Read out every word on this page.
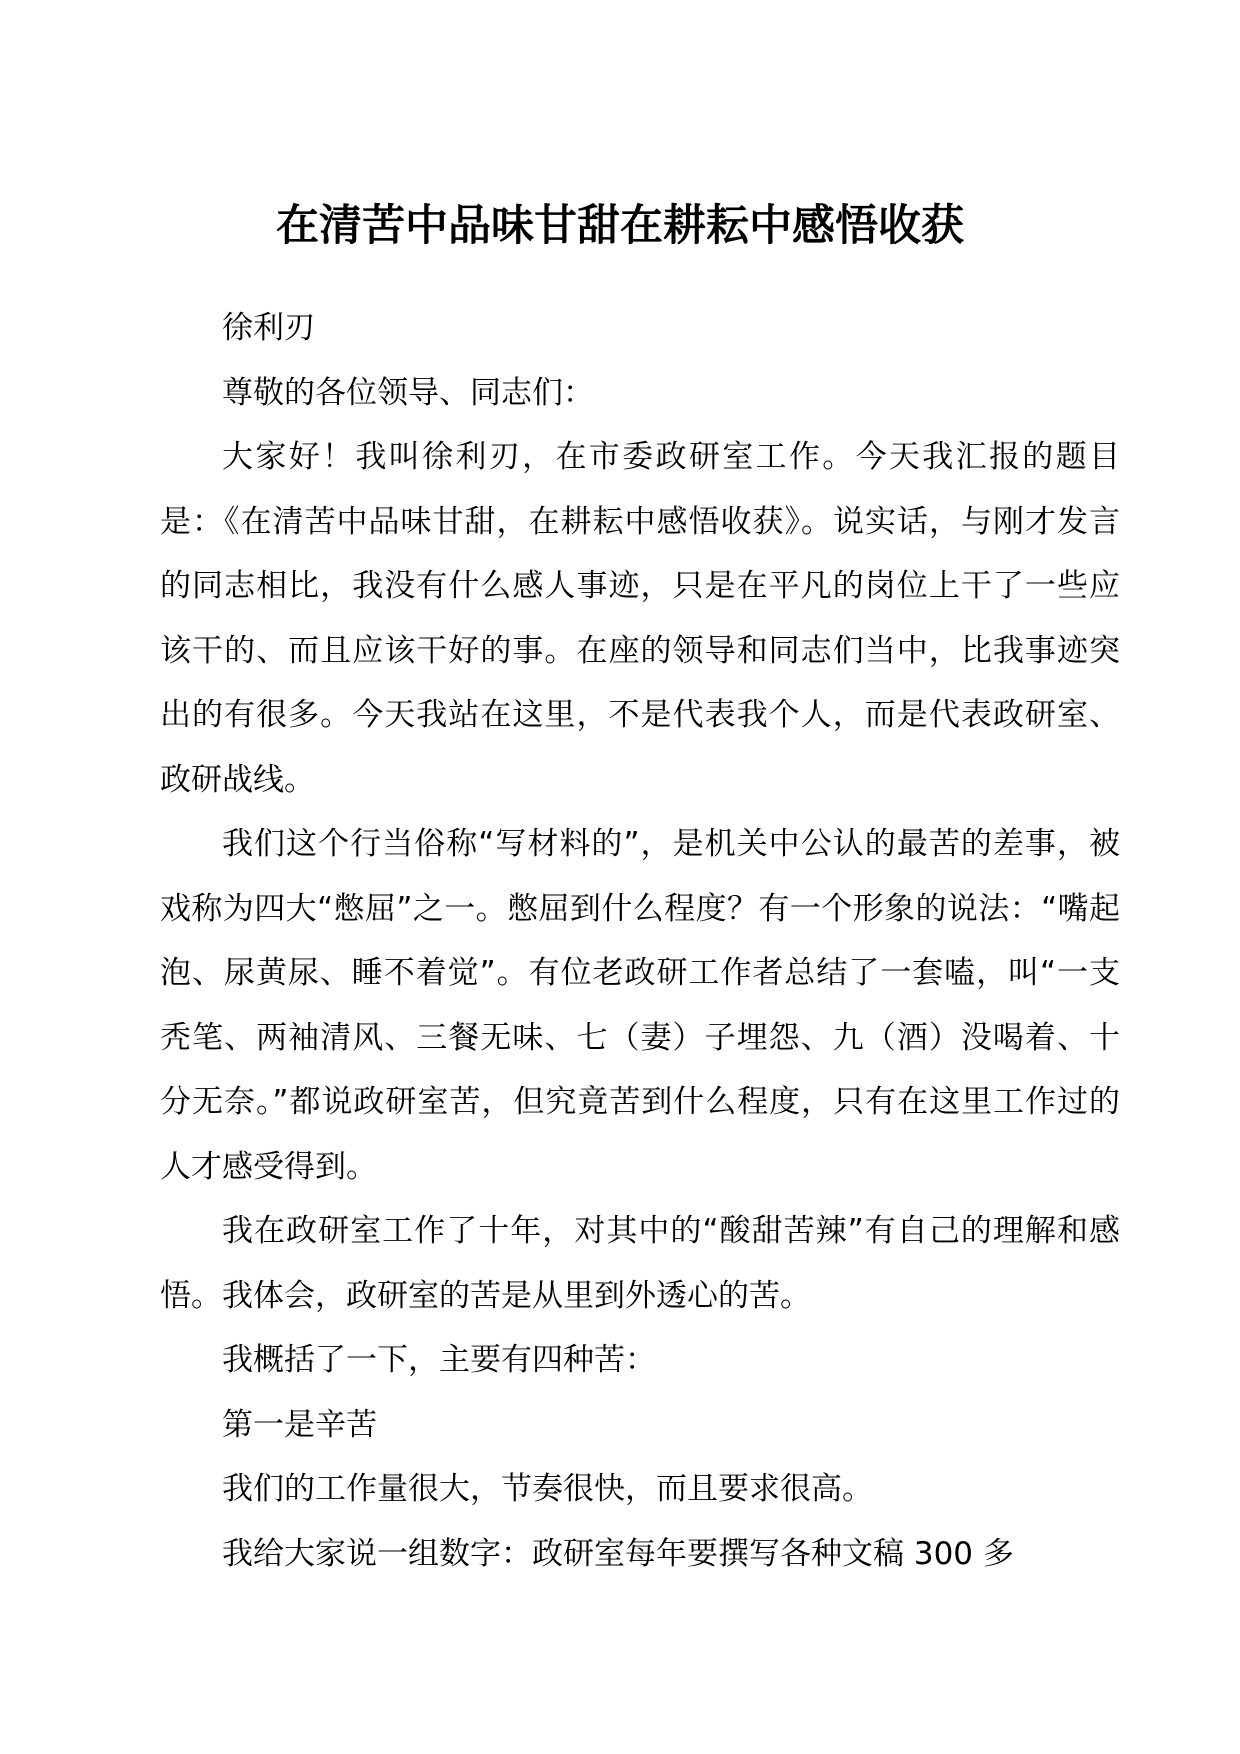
在清苦中品味甘甜在耕耘中感悟收获

徐利刃

尊敬的各位领导、同志们：

大家好！我叫徐利刃，在市委政研室工作。今天我汇报的题目是：《在清苦中品味甘甜，在耕耘中感悟收获》。说实话，与刚才发言的同志相比，我没有什么感人事迹，只是在平凡的岗位上干了一些应该干的、而且应该干好的事。在座的领导和同志们当中，比我事迹突出的有很多。今天我站在这里，不是代表我个人，而是代表政研室、政研战线。

我们这个行当俗称“写材料的”，是机关中公认的最苦的差事，被戏称为四大“憋屈”之一。憋屈到什么程度？有一个形象的说法：“嘴起泡、尿黄尿、睡不着觉”。有位老政研工作者总结了一套嗑，叫“一支秃笔、两袖清风、三餐无味、七（妻）子埋怨、九（酒）没喝着、十分无奈。”都说政研室苦，但究竟苦到什么程度，只有在这里工作过的人才感受得到。

我在政研室工作了十年，对其中的“酸甜苦辣”有自己的理解和感悟。我体会，政研室的苦是从里到外透心的苦。

我概括了一下，主要有四种苦：

第一是辛苦

我们的工作量很大，节奏很快，而且要求很高。

我给大家说一组数字：政研室每年要撰写各种文稿 300 多
